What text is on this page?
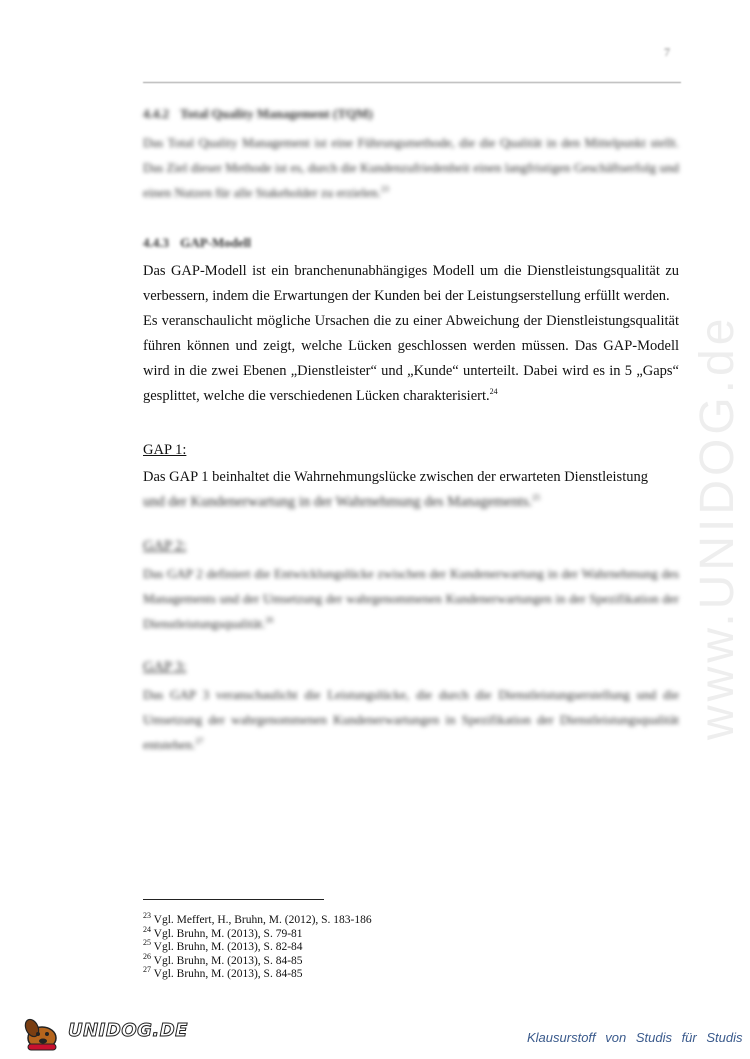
www.UNIDOG.de
7
4.4.2 Total Quality Management (TQM)

Das Total Quality Management ist eine Führungsmethode, die die Qualität in den Mittelpunkt stellt. Das Ziel dieser Methode ist es, durch die Kundenzufriedenheit einen langfristigen Geschäftserfolg und einen Nutzen für alle Stakeholder zu erzielen.$^{23}$

4.4.3 GAP-Modell

Das GAP-Modell ist ein branchenunabhängiges Modell um die Dienstleistungsqualität zu verbessern, indem die Erwartungen der Kunden bei der Leistungserstellung erfüllt werden.

Es veranschaulicht mögliche Ursachen die zu einer Abweichung der Dienstleistungsqualität führen können und zeigt, welche Lücken geschlossen werden müssen. Das GAP-Modell wird in die zwei Ebenen „Dienstleister“ und „Kunde“ unterteilt. Dabei wird es in 5 „Gaps“ gesplittet, welche die verschiedenen Lücken charakterisiert.$^{24}$

GAP 1:

Das GAP 1 beinhaltet die Wahrnehmungslücke zwischen der erwarteten Dienstleistung

und der Kundenerwartung in der Wahrnehmung des Managements.$^{25}$

GAP 2:

Das GAP 2 definiert die Entwicklungslücke zwischen der Kundenerwartung in der Wahrnehmung des Managements und der Umsetzung der wahrgenommenen Kundenerwartungen in der Spezifikation der Dienstleistungsqualität.$^{26}$

GAP 3:

Das GAP 3 veranschaulicht die Leistungslücke, die durch die Dienstleistungserstellung und die Umsetzung der wahrgenommenen Kundenerwartungen in Spezifikation der Dienstleistungsqualität entstehen.$^{27}$

$^{23}$ Vgl. Meffert, H., Bruhn, M. (2012), S. 183-186
$^{24}$ Vgl. Bruhn, M. (2013), S. 79-81
$^{25}$ Vgl. Bruhn, M. (2013), S. 82-84
$^{26}$ Vgl. Bruhn, M. (2013), S. 84-85
$^{27}$ Vgl. Bruhn, M. (2013), S. 84-85
UNIDOG.DE	Klausurstoff von Studis für Studis
